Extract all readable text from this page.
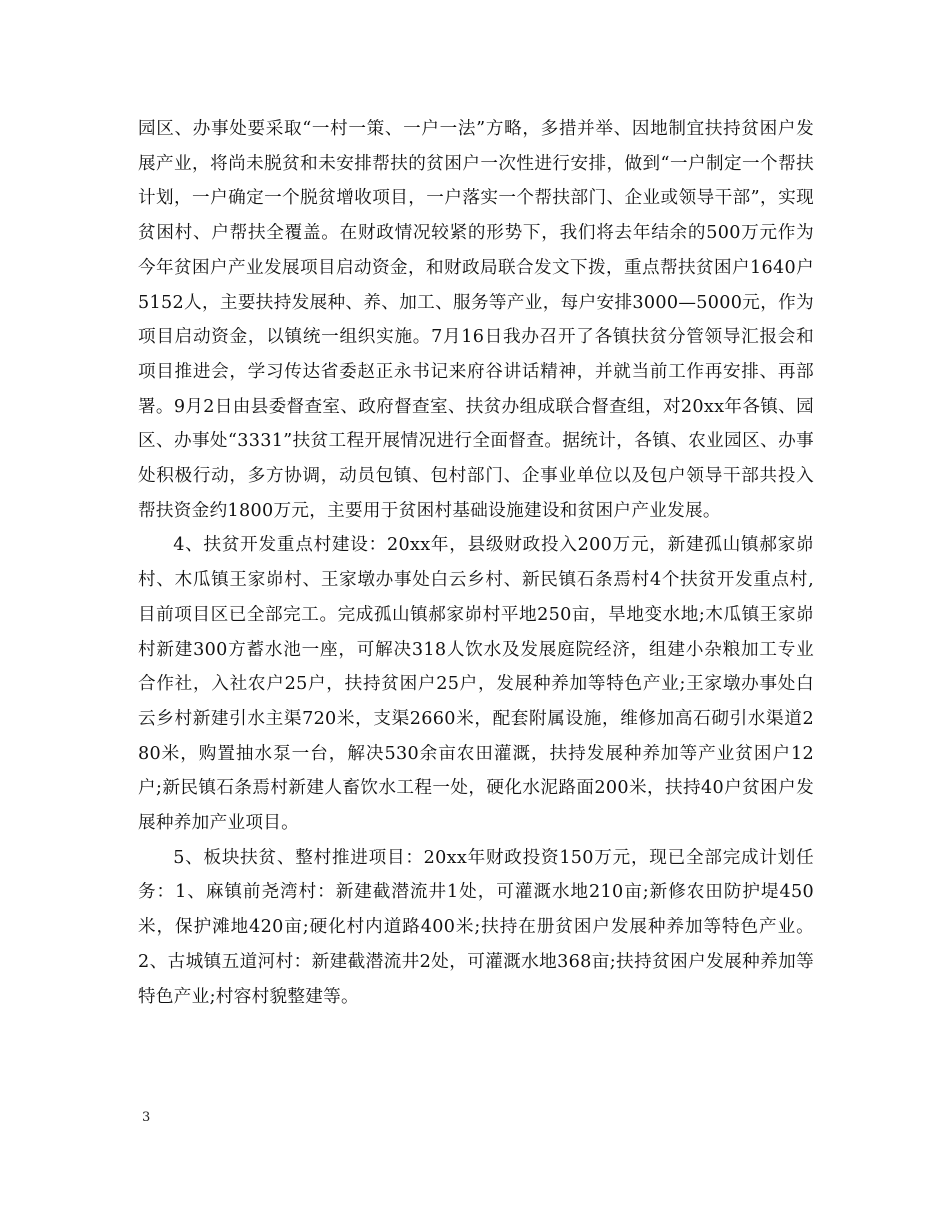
园区、办事处要采取“一村一策、一户一法”方略，多措并举、因地制宜扶持贫困户发展产业，将尚未脱贫和未安排帮扶的贫困户一次性进行安排，做到“一户制定一个帮扶计划，一户确定一个脱贫增收项目，一户落实一个帮扶部门、企业或领导干部”，实现贫困村、户帮扶全覆盖。在财政情况较紧的形势下，我们将去年结余的500万元作为今年贫困户产业发展项目启动资金，和财政局联合发文下拨，重点帮扶贫困户1640户5152人，主要扶持发展种、养、加工、服务等产业，每户安排3000—5000元，作为项目启动资金，以镇统一组织实施。7月16日我办召开了各镇扶贫分管领导汇报会和项目推进会，学习传达省委赵正永书记来府谷讲话精神，并就当前工作再安排、再部署。9月2日由县委督查室、政府督查室、扶贫办组成联合督查组，对20xx年各镇、园区、办事处“3331”扶贫工程开展情况进行全面督查。据统计，各镇、农业园区、办事处积极行动，多方协调，动员包镇、包村部门、企事业单位以及包户领导干部共投入帮扶资金约1800万元，主要用于贫困村基础设施建设和贫困户产业发展。

4、扶贫开发重点村建设：20xx年，县级财政投入200万元，新建孤山镇郝家峁村、木瓜镇王家峁村、王家墩办事处白云乡村、新民镇石条焉村4个扶贫开发重点村,目前项目区已全部完工。完成孤山镇郝家峁村平地250亩，旱地变水地;木瓜镇王家峁村新建300方蓄水池一座，可解决318人饮水及发展庭院经济，组建小杂粮加工专业合作社，入社农户25户，扶持贫困户25户，发展种养加等特色产业;王家墩办事处白云乡村新建引水主渠720米，支渠2660米，配套附属设施，维修加高石砌引水渠道280米，购置抽水泵一台，解决530余亩农田灌溉，扶持发展种养加等产业贫困户12户;新民镇石条焉村新建人畜饮水工程一处，硬化水泥路面200米，扶持40户贫困户发展种养加产业项目。

5、板块扶贫、整村推进项目：20xx年财政投资150万元，现已全部完成计划任务：1、麻镇前尧湾村：新建截潜流井1处，可灌溉水地210亩;新修农田防护堤450米，保护滩地420亩;硬化村内道路400米;扶持在册贫困户发展种养加等特色产业。2、古城镇五道河村：新建截潜流井2处，可灌溉水地368亩;扶持贫困户发展种养加等特色产业;村容村貌整建等。

3
